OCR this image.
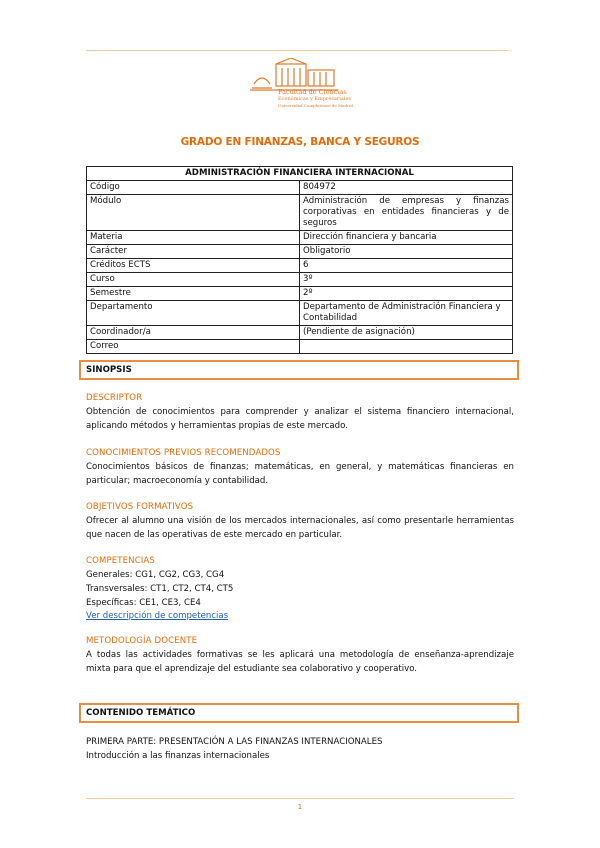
Facultad de Ciencias
Económicas y Empresariales
Universidad Complutense de Madrid
GRADO EN FINANZAS, BANCA Y SEGUROS
ADMINISTRACIÓN FINANCIERA INTERNACIONAL	
Código	804972
Módulo	Administración de empresas y finanzas corporativas en entidades financieras y de seguros
Materia	Dirección financiera y bancaria
Carácter	Obligatorio
Créditos ECTS	6
Curso	3º
Semestre	2º
Departamento	Departamento de Administración Financiera y Contabilidad
Coordinador/a	(Pendiente de asignación)
Correo	
SINOPSIS
DESCRIPTOR
Obtención de conocimientos para comprender y analizar el sistema financiero internacional, aplicando métodos y herramientas propias de este mercado.
CONOCIMIENTOS PREVIOS RECOMENDADOS
Conocimientos básicos de finanzas; matemáticas, en general, y matemáticas financieras en particular; macroeconomía y contabilidad.
OBJETIVOS FORMATIVOS
Ofrecer al alumno una visión de los mercados internacionales, así como presentarle herramientas que nacen de las operativas de este mercado en particular.
COMPETENCIAS
Generales: CG1, CG2, CG3, CG4
Transversales: CT1, CT2, CT4, CT5
Específicas: CE1, CE3, CE4
Ver descripción de competencias
METODOLOGÍA DOCENTE
A todas las actividades formativas se les aplicará una metodología de enseñanza-aprendizaje mixta para que el aprendizaje del estudiante sea colaborativo y cooperativo.
CONTENIDO TEMÁTICO
PRIMERA PARTE: PRESENTACIÓN A LAS FINANZAS INTERNACIONALES
Introducción a las finanzas internacionales
1
